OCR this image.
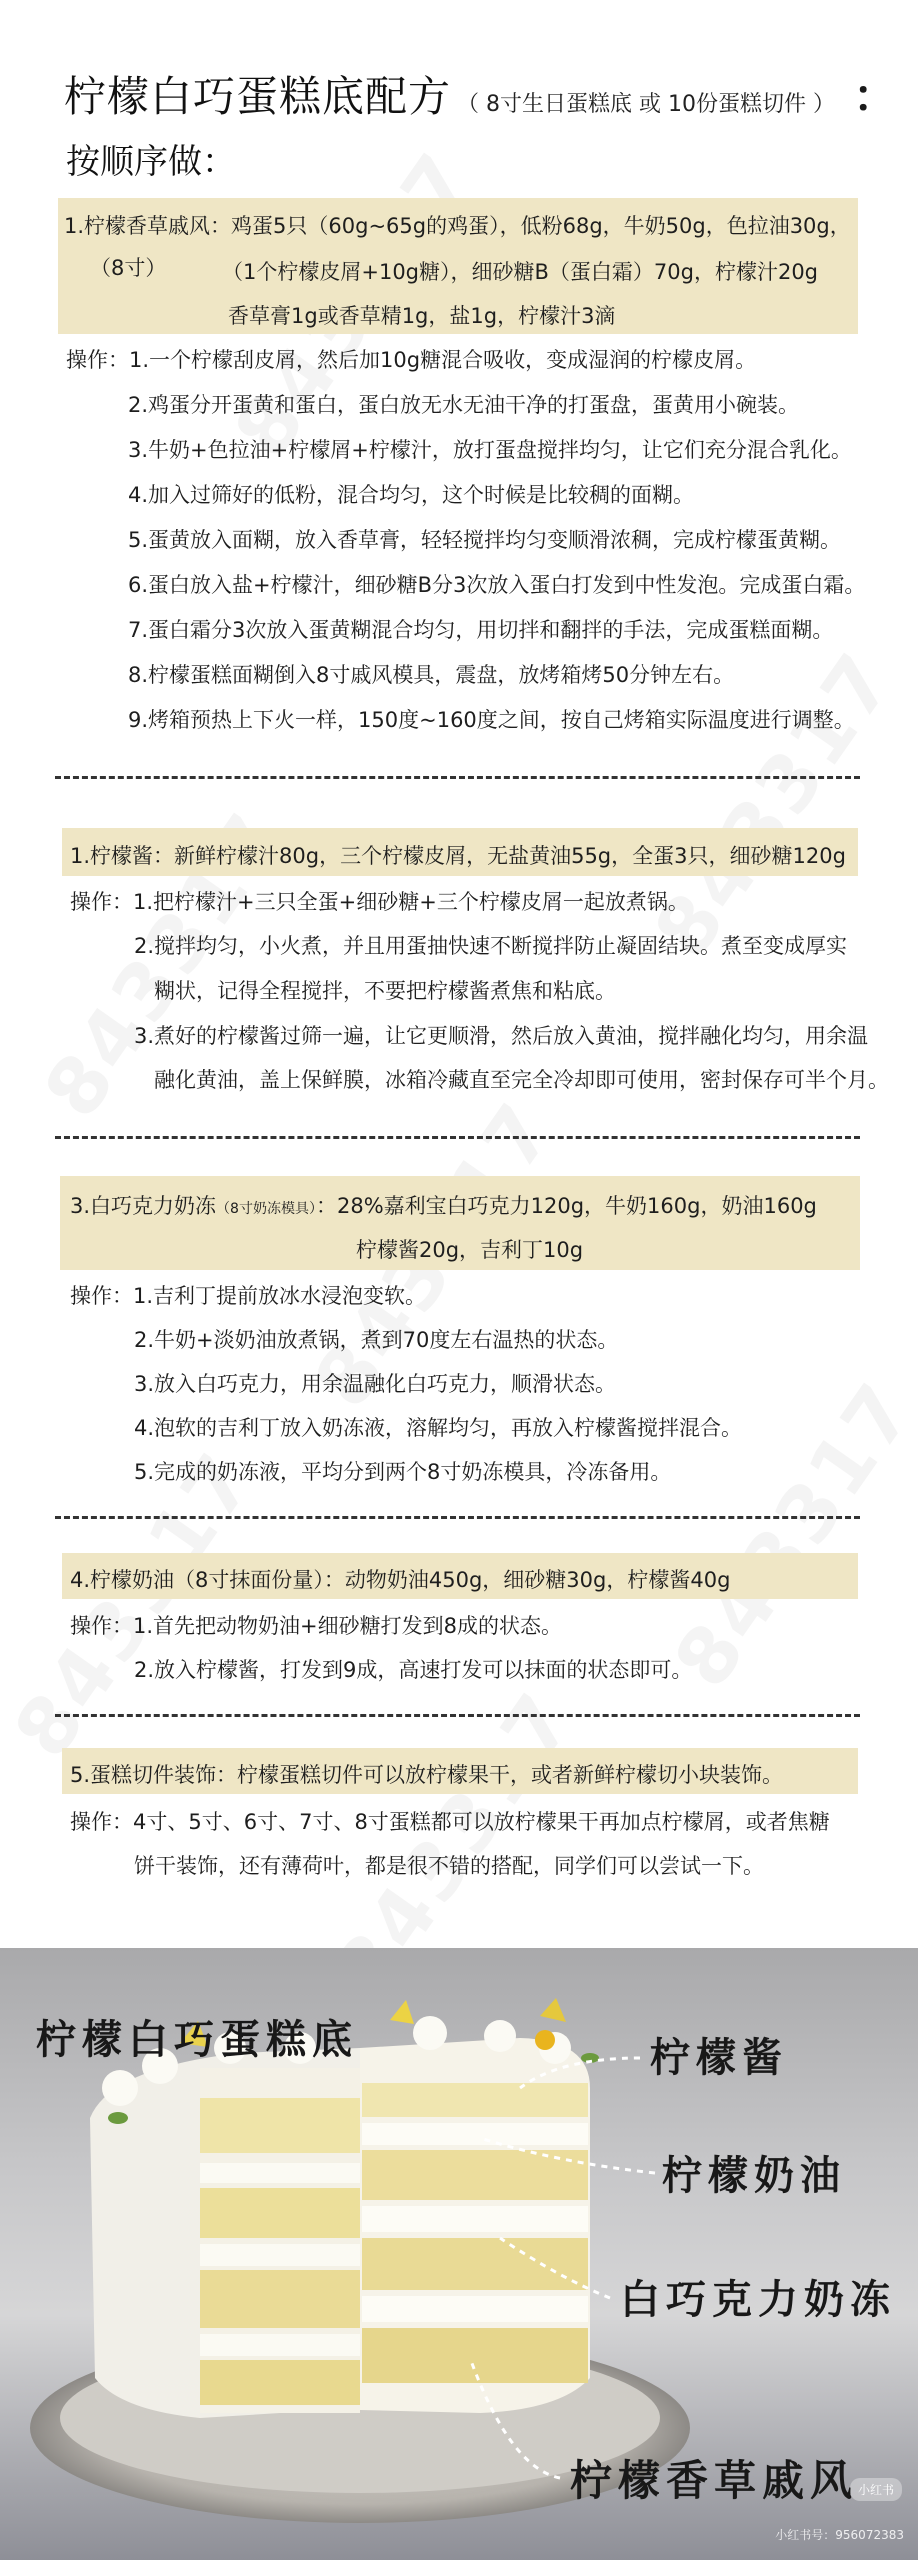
柠檬白巧蛋糕底配方 （ 8寸生日蛋糕底 或 10份蛋糕切件 ） ：
按顺序做：
1.柠檬香草戚风：鸡蛋5只（60g~65g的鸡蛋），低粉68g，牛奶50g，色拉油30g，
（8寸）	（1个柠檬皮屑+10g糖），细砂糖B（蛋白霜）70g，柠檬汁20g
香草膏1g或香草精1g，盐1g，柠檬汁3滴
操作：1.一个柠檬刮皮屑，然后加10g糖混合吸收，变成湿润的柠檬皮屑。
2.鸡蛋分开蛋黄和蛋白，蛋白放无水无油干净的打蛋盘，蛋黄用小碗装。
3.牛奶+色拉油+柠檬屑+柠檬汁，放打蛋盘搅拌均匀，让它们充分混合乳化。
4.加入过筛好的低粉，混合均匀，这个时候是比较稠的面糊。
5.蛋黄放入面糊，放入香草膏，轻轻搅拌均匀变顺滑浓稠，完成柠檬蛋黄糊。
6.蛋白放入盐+柠檬汁，细砂糖B分3次放入蛋白打发到中性发泡。完成蛋白霜。
7.蛋白霜分3次放入蛋黄糊混合均匀，用切拌和翻拌的手法，完成蛋糕面糊。
8.柠檬蛋糕面糊倒入8寸戚风模具，震盘，放烤箱烤50分钟左右。
9.烤箱预热上下火一样，150度~160度之间，按自己烤箱实际温度进行调整。
1.柠檬酱：新鲜柠檬汁80g，三个柠檬皮屑，无盐黄油55g，全蛋3只，细砂糖120g
操作：1.把柠檬汁+三只全蛋+细砂糖+三个柠檬皮屑一起放煮锅。
2.搅拌均匀，小火煮，并且用蛋抽快速不断搅拌防止凝固结块。煮至变成厚实
糊状，记得全程搅拌，不要把柠檬酱煮焦和粘底。
3.煮好的柠檬酱过筛一遍，让它更顺滑，然后放入黄油，搅拌融化均匀，用余温
融化黄油，盖上保鲜膜，冰箱冷藏直至完全冷却即可使用，密封保存可半个月。
3.白巧克力奶冻（8寸奶冻模具）：28%嘉利宝白巧克力120g，牛奶160g，奶油160g
柠檬酱20g，吉利丁10g
操作：1.吉利丁提前放冰水浸泡变软。
2.牛奶+淡奶油放煮锅，煮到70度左右温热的状态。
3.放入白巧克力，用余温融化白巧克力，顺滑状态。
4.泡软的吉利丁放入奶冻液，溶解均匀，再放入柠檬酱搅拌混合。
5.完成的奶冻液，平均分到两个8寸奶冻模具，冷冻备用。
4.柠檬奶油（8寸抹面份量）：动物奶油450g，细砂糖30g，柠檬酱40g
操作：1.首先把动物奶油+细砂糖打发到8成的状态。
2.放入柠檬酱，打发到9成，高速打发可以抹面的状态即可。
5.蛋糕切件装饰：柠檬蛋糕切件可以放柠檬果干，或者新鲜柠檬切小块装饰。
操作：4寸、5寸、6寸、7寸、8寸蛋糕都可以放柠檬果干再加点柠檬屑，或者焦糖
饼干装饰，还有薄荷叶，都是很不错的搭配，同学们可以尝试一下。
柠檬白巧蛋糕底	柠檬酱
柠檬奶油
白巧克力奶冻
柠檬香草戚风 小红书
小红书号：956072383
